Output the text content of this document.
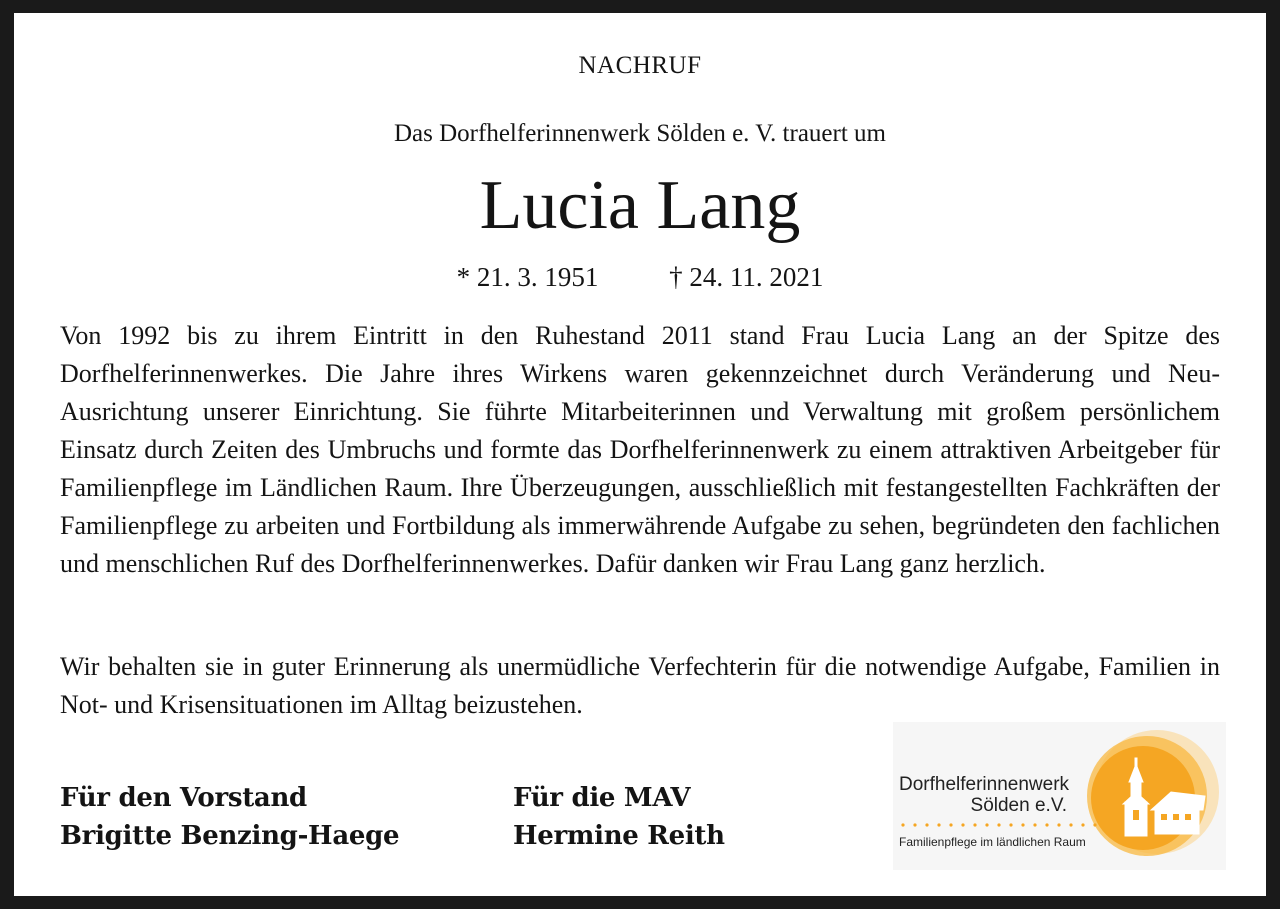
NACHRUF
Das Dorfhelferinnenwerk Sölden e. V. trauert um
Lucia Lang
* 21. 3. 1951	† 24. 11. 2021
Von 1992 bis zu ihrem Eintritt in den Ruhestand 2011 stand Frau Lucia Lang an der Spitze des Dorfhelferinnenwerkes. Die Jahre ihres Wirkens waren gekennzeichnet durch Veränderung und Neu-Ausrichtung unserer Einrichtung. Sie führte Mitarbeiterinnen und Verwaltung mit großem persönlichem Einsatz durch Zeiten des Umbruchs und formte das Dorfhelferinnenwerk zu einem attraktiven Arbeitgeber für Familienpflege im Ländlichen Raum. Ihre Überzeugungen, ausschließlich mit festangestellten Fachkräften der Familienpflege zu arbeiten und Fortbildung als immerwährende Aufgabe zu sehen, begründeten den fachlichen und menschlichen Ruf des Dorfhelferinnenwerkes. Dafür danken wir Frau Lang ganz herzlich.
Wir behalten sie in guter Erinnerung als unermüdliche Verfechterin für die notwendige Aufgabe, Familien in Not- und Krisensituationen im Alltag beizustehen.
Für den Vorstand
Brigitte Benzing-Haege
Für die MAV
Hermine Reith
Dorfhelferinnenwerk
Sölden e.V.
Familienpflege im ländlichen Raum
